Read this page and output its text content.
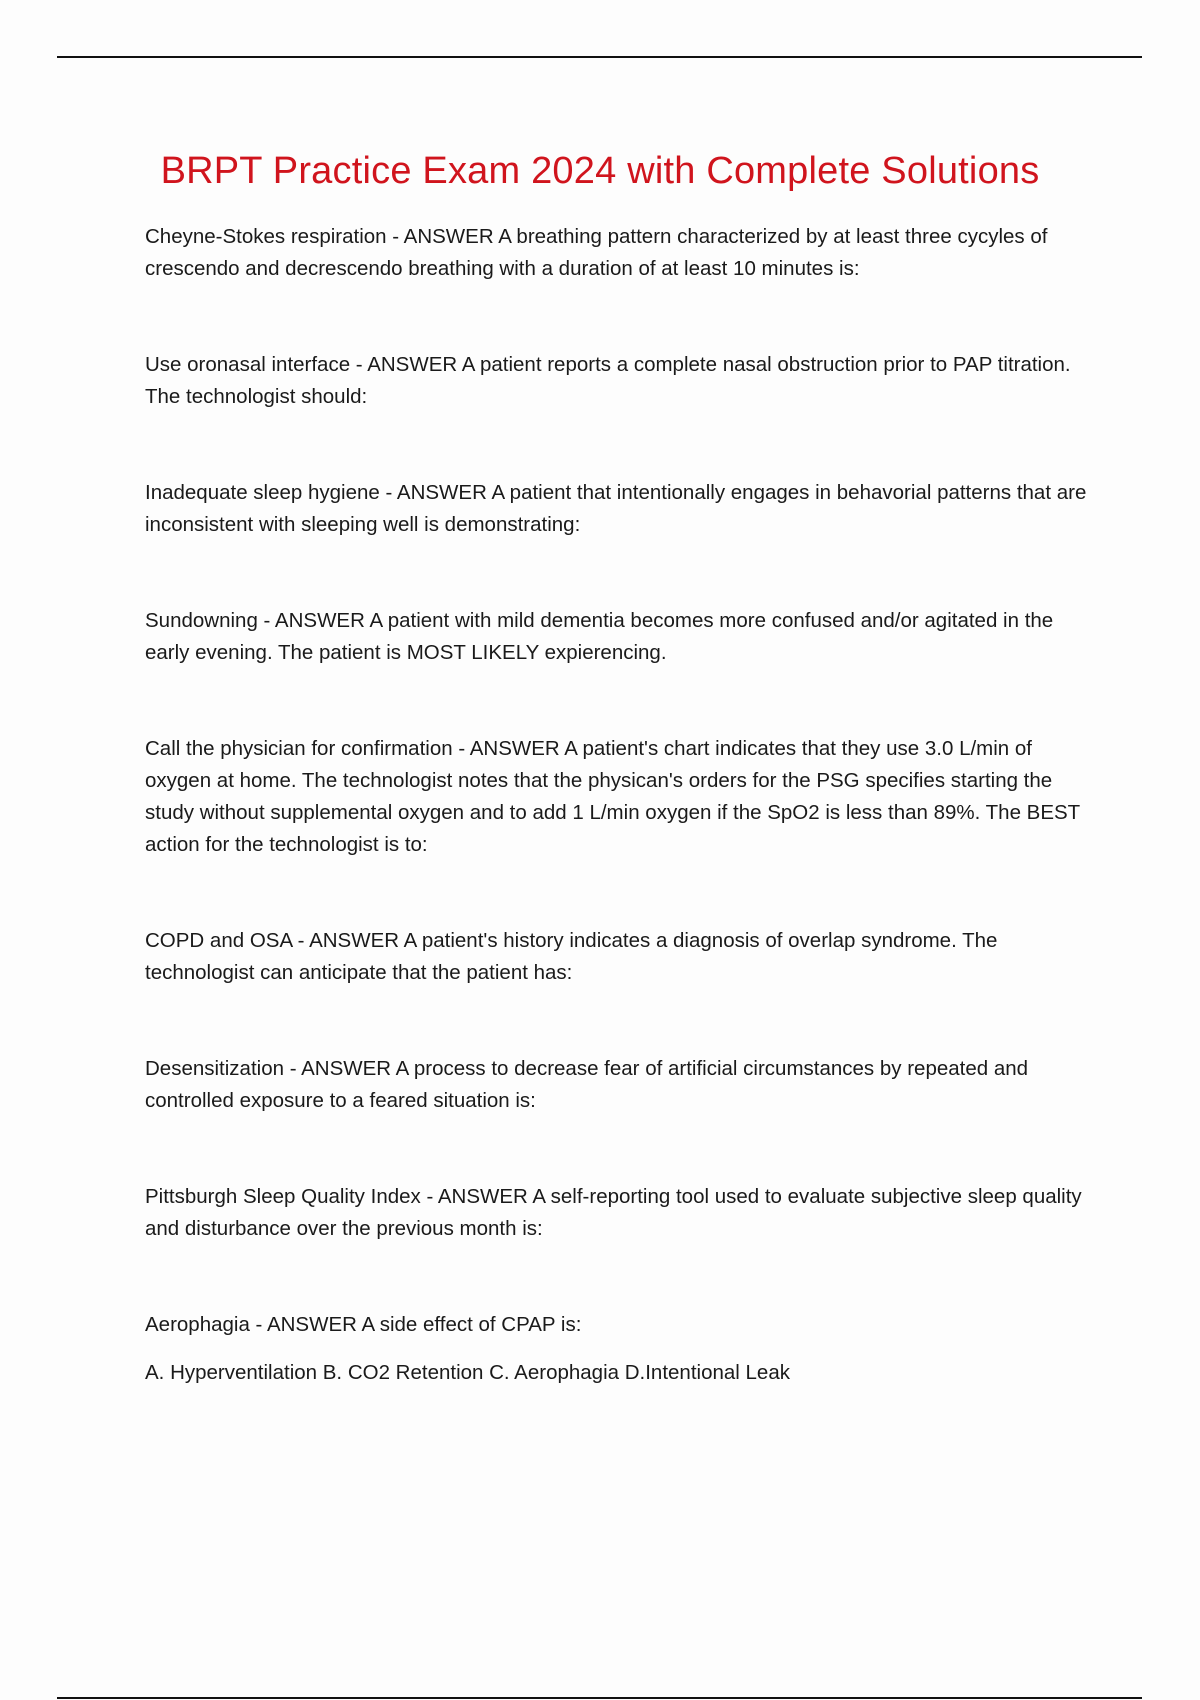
BRPT Practice Exam 2024 with Complete Solutions

Cheyne-Stokes respiration - ANSWER A breathing pattern characterized by at least three cycyles of crescendo and decrescendo breathing with a duration of at least 10 minutes is:

Use oronasal interface - ANSWER A patient reports a complete nasal obstruction prior to PAP titration. The technologist should:

Inadequate sleep hygiene - ANSWER A patient that intentionally engages in behavorial patterns that are inconsistent with sleeping well is demonstrating:

Sundowning - ANSWER A patient with mild dementia becomes more confused and/or agitated in the early evening. The patient is MOST LIKELY expierencing.

Call the physician for confirmation - ANSWER A patient's chart indicates that they use 3.0 L/min of oxygen at home. The technologist notes that the physican's orders for the PSG specifies starting the study without supplemental oxygen and to add 1 L/min oxygen if the SpO2 is less than 89%. The BEST action for the technologist is to:

COPD and OSA - ANSWER A patient's history indicates a diagnosis of overlap syndrome. The technologist can anticipate that the patient has:

Desensitization - ANSWER A process to decrease fear of artificial circumstances by repeated and controlled exposure to a feared situation is:

Pittsburgh Sleep Quality Index - ANSWER A self-reporting tool used to evaluate subjective sleep quality and disturbance over the previous month is:

Aerophagia - ANSWER A side effect of CPAP is:

A. Hyperventilation B. CO2 Retention C. Aerophagia D.Intentional Leak
